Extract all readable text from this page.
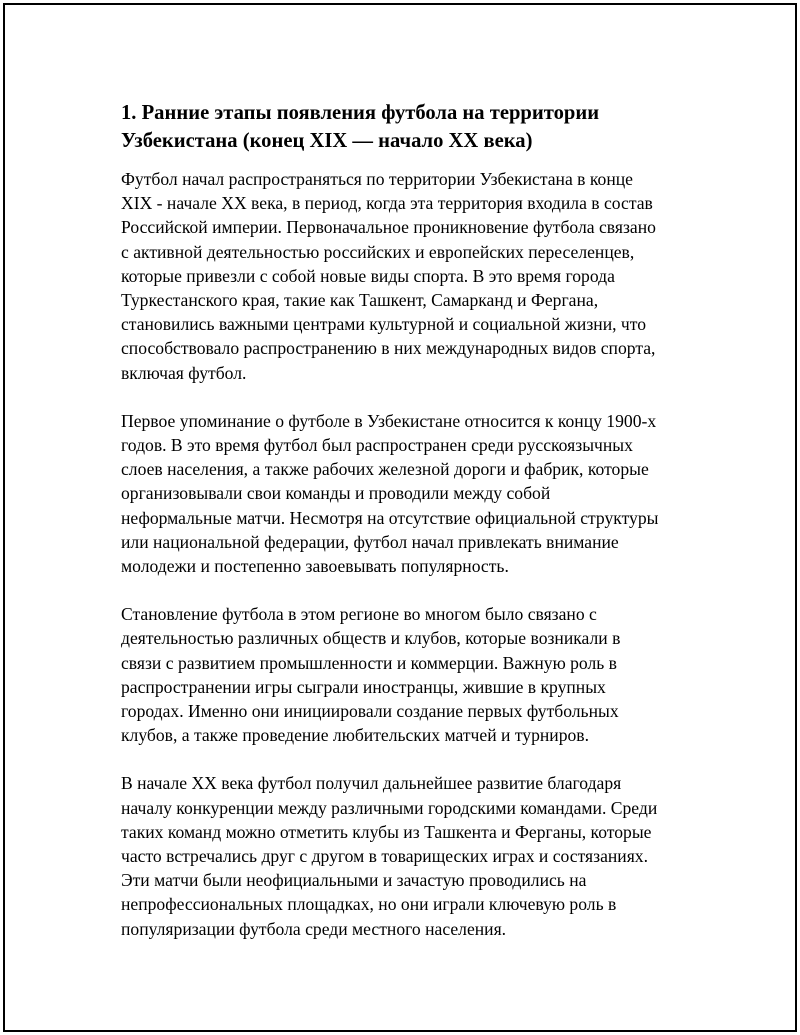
1. Ранние этапы появления футбола на территории
Узбекистана (конец XIX — начало XX века)

Футбол начал распространяться по территории Узбекистана в конце
XIX - начале XX века, в период, когда эта территория входила в состав
Российской империи. Первоначальное проникновение футбола связано
с активной деятельностью российских и европейских переселенцев,
которые привезли с собой новые виды спорта. В это время города
Туркестанского края, такие как Ташкент, Самарканд и Фергана,
становились важными центрами культурной и социальной жизни, что
способствовало распространению в них международных видов спорта,
включая футбол.

Первое упоминание о футболе в Узбекистане относится к концу 1900-х
годов. В это время футбол был распространен среди русскоязычных
слоев населения, а также рабочих железной дороги и фабрик, которые
организовывали свои команды и проводили между собой
неформальные матчи. Несмотря на отсутствие официальной структуры
или национальной федерации, футбол начал привлекать внимание
молодежи и постепенно завоевывать популярность.

Становление футбола в этом регионе во многом было связано с
деятельностью различных обществ и клубов, которые возникали в
связи с развитием промышленности и коммерции. Важную роль в
распространении игры сыграли иностранцы, жившие в крупных
городах. Именно они инициировали создание первых футбольных
клубов, а также проведение любительских матчей и турниров.

В начале XX века футбол получил дальнейшее развитие благодаря
началу конкуренции между различными городскими командами. Среди
таких команд можно отметить клубы из Ташкента и Ферганы, которые
часто встречались друг с другом в товарищеских играх и состязаниях.
Эти матчи были неофициальными и зачастую проводились на
непрофессиональных площадках, но они играли ключевую роль в
популяризации футбола среди местного населения.
